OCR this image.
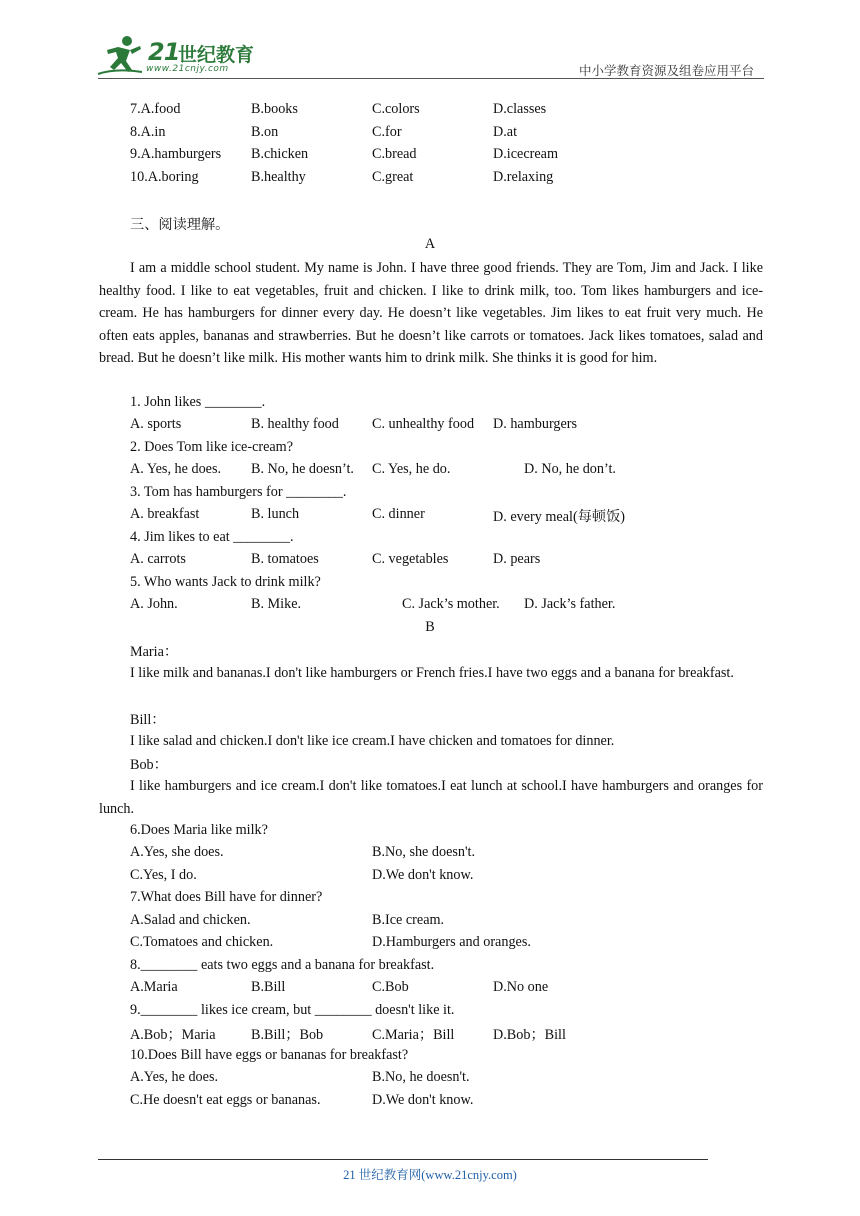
21
世纪教育
www.21cnjy.com	中小学教育资源及组卷应用平台
7.A.food	B.books	C.colors	D.classes
8.A.in	B.on	C.for	D.at
9.A.hamburgers B.chicken	C.bread	D.icecream
10.A.boring	B.healthy	C.great	D.relaxing
三、阅读理解。
A
I am a middle school student. My name is John. I have three good friends. They are Tom, Jim and Jack. I like healthy food. I like to eat vegetables, fruit and chicken. I like to drink milk, too. Tom likes hamburgers and ice-cream. He has hamburgers for dinner every day. He doesn’t like vegetables. Jim likes to eat fruit very much. He often eats apples, bananas and strawberries. But he doesn’t like carrots or tomatoes. Jack likes tomatoes, salad and bread. But he doesn’t like milk. His mother wants him to drink milk. She thinks it is good for him.
1. John likes ________.
A. sports	B. healthy food C. unhealthy food D. hamburgers
2. Does Tom like ice-cream?
A. Yes, he does. B. No, he doesn’t. C. Yes, he do.	D. No, he don’t.
3. Tom has hamburgers for ________.
A. breakfast	B. lunch	C. dinner	D. every meal(每顿饭)
4. Jim likes to eat ________.
A. carrots	B. tomatoes	C. vegetables	D. pears
5. Who wants Jack to drink milk?
A. John.	B. Mike.	C. Jack’s mother. D. Jack’s father.
B
Maria：
I like milk and bananas.I don't like hamburgers or French fries.I have two eggs and a banana for breakfast.
Bill：
I like salad and chicken.I don't like ice cream.I have chicken and tomatoes for dinner.
Bob：
I like hamburgers and ice cream.I don't like tomatoes.I eat lunch at school.I have hamburgers and oranges for lunch.
6.Does Maria like milk?
A.Yes, she does.	B.No, she doesn't.
C.Yes, I do.	D.We don't know.
7.What does Bill have for dinner?
A.Salad and chicken.	B.Ice cream.
C.Tomatoes and chicken.	D.Hamburgers and oranges.
8.________ eats two eggs and a banana for breakfast.
A.Maria	B.Bill	C.Bob	D.No one
9.________ likes ice cream, but ________ doesn't like it.
A.Bob；Maria B.Bill；Bob	C.Maria；Bill	D.Bob；Bill
10.Does Bill have eggs or bananas for breakfast?
A.Yes, he does.	B.No, he doesn't.
C.He doesn't eat eggs or bananas.	D.We don't know.
21 世纪教育网(www.21cnjy.com)
